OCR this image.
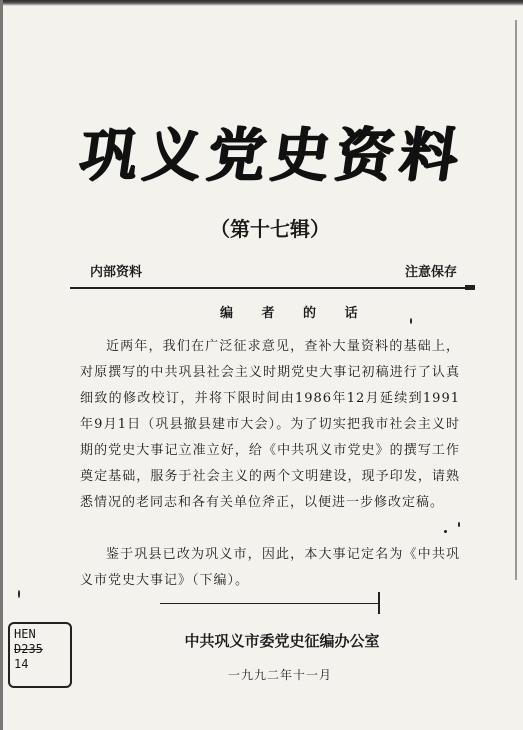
巩义党史资料
（第十七辑）
内部资料	注意保存
编 者 的 话
近两年，我们在广泛征求意见，查补大量资料的基础上，对原撰写的中共巩县社会主义时期党史大事记初稿进行了认真细致的修改校订，并将下限时间由1986年12月延续到1991年9月1日（巩县撤县建市大会）。为了切实把我市社会主义时期的党史大事记立准立好，给《中共巩义市党史》的撰写工作奠定基础，服务于社会主义的两个文明建设，现予印发，请熟悉情况的老同志和各有关单位斧正，以便进一步修改定稿。
鉴于巩县已改为巩义市，因此，本大事记定名为《中共巩义市党史大事记》（下编）。
中共巩义市委党史征编办公室
一九九二年十一月
HEN
D235
14
